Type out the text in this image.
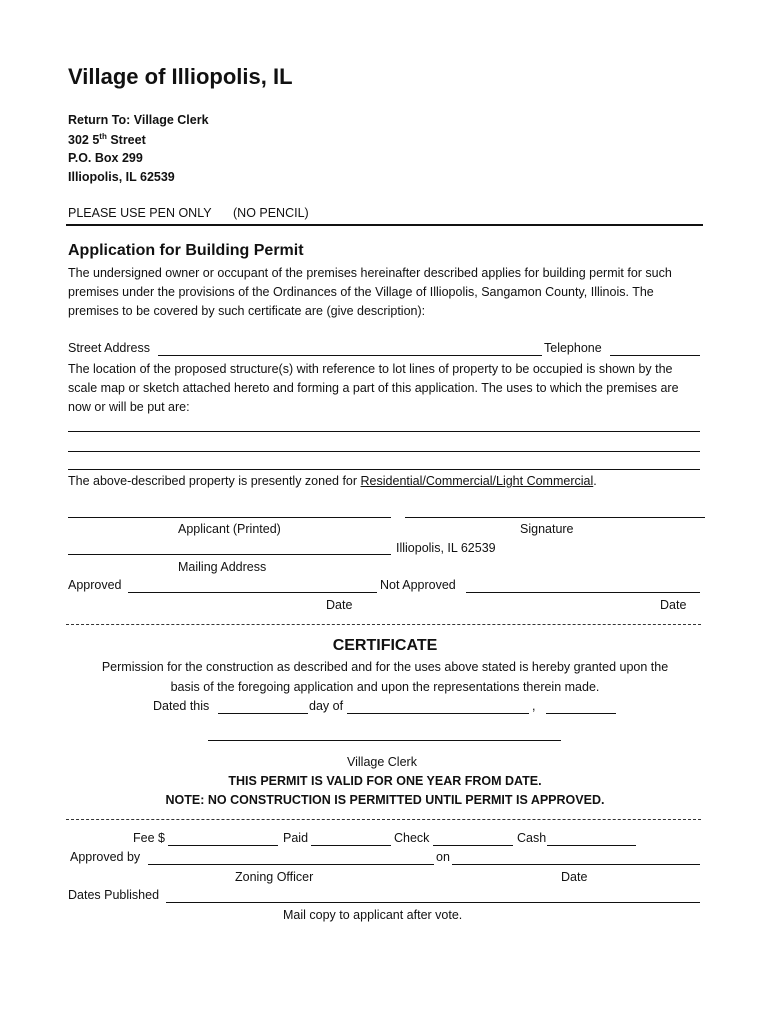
Village of Illiopolis, IL
Return To: Village Clerk
302 5th Street
P.O. Box 299
Illiopolis, IL 62539
PLEASE USE PEN ONLY (NO PENCIL)
Application for Building Permit
The undersigned owner or occupant of the premises hereinafter described applies for building permit for such premises under the provisions of the Ordinances of the Village of Illiopolis, Sangamon County, Illinois. The premises to be covered by such certificate are (give description):
Street Address	Telephone
The location of the proposed structure(s) with reference to lot lines of property to be occupied is shown by the scale map or sketch attached hereto and forming a part of this application. The uses to which the premises are now or will be put are:
The above-described property is presently zoned for Residential/Commercial/Light Commercial.
Applicant (Printed)	Signature
Illiopolis, IL 62539
Mailing Address
Approved	Not Approved
Date	Date
CERTIFICATE
Permission for the construction as described and for the uses above stated is hereby granted upon the
basis of the foregoing application and upon the representations therein made.
Dated this	day of	,
Village Clerk
THIS PERMIT IS VALID FOR ONE YEAR FROM DATE.
NOTE: NO CONSTRUCTION IS PERMITTED UNTIL PERMIT IS APPROVED.
Fee $	Paid	Check	Cash
Approved by	on
Zoning Officer	Date
Dates Published
Mail copy to applicant after vote.
